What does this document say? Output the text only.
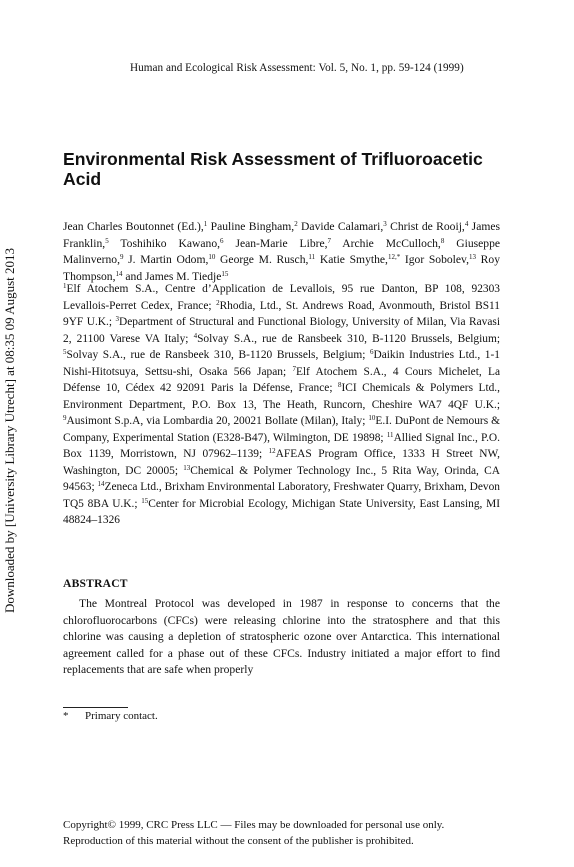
Downloaded by [University Library Utrecht] at 08:35 09 August 2013
Human and Ecological Risk Assessment: Vol. 5, No. 1, pp. 59-124 (1999)
Environmental Risk Assessment of Trifluoroacetic Acid

Jean Charles Boutonnet (Ed.),$^1$ Pauline Bingham,$^2$ Davide Calamari,$^3$ Christ de Rooij,$^4$ James Franklin,$^5$ Toshihiko Kawano,$^6$ Jean-Marie Libre,$^7$ Archie McCulloch,$^8$ Giuseppe Malinverno,$^9$ J. Martin Odom,$^{10}$ George M. Rusch,$^{11}$ Katie Smythe,$^{12,*}$ Igor Sobolev,$^{13}$ Roy Thompson,$^{14}$ and James M. Tiedje$^{15}$

$^1$Elf Atochem S.A., Centre d’Application de Levallois, 95 rue Danton, BP 108, 92303 Levallois-Perret Cedex, France; $^2$Rhodia, Ltd., St. Andrews Road, Avonmouth, Bristol BS11 9YF U.K.; $^3$Department of Structural and Functional Biology, University of Milan, Via Ravasi 2, 21100 Varese VA Italy; $^4$Solvay S.A., rue de Ransbeek 310, B-1120 Brussels, Belgium; $^5$Solvay S.A., rue de Ransbeek 310, B-1120 Brussels, Belgium; $^6$Daikin Industries Ltd., 1-1 Nishi-Hitotsuya, Settsu-shi, Osaka 566 Japan; $^7$Elf Atochem S.A., 4 Cours Michelet, La Défense 10, Cédex 42 92091 Paris la Défense, France; $^8$ICI Chemicals & Polymers Ltd., Environment Department, P.O. Box 13, The Heath, Runcorn, Cheshire WA7 4QF U.K.; $^9$Ausimont S.p.A, via Lombardia 20, 20021 Bollate (Milan), Italy; $^{10}$E.I. DuPont de Nemours & Company, Experimental Station (E328-B47), Wilmington, DE 19898; $^{11}$Allied Signal Inc., P.O. Box 1139, Morristown, NJ 07962–1139; $^{12}$AFEAS Program Office, 1333 H Street NW, Washington, DC 20005; $^{13}$Chemical & Polymer Technology Inc., 5 Rita Way, Orinda, CA 94563; $^{14}$Zeneca Ltd., Brixham Environmental Laboratory, Freshwater Quarry, Brixham, Devon TQ5 8BA U.K.; $^{15}$Center for Microbial Ecology, Michigan State University, East Lansing, MI 48824–1326

ABSTRACT

The Montreal Protocol was developed in 1987 in response to concerns that the chlorofluorocarbons (CFCs) were releasing chlorine into the stratosphere and that this chlorine was causing a depletion of stratospheric ozone over Antarctica. This international agreement called for a phase out of these CFCs. Industry initiated a major effort to find replacements that are safe when properly

* Primary contact.

Copyright© 1999, CRC Press LLC — Files may be downloaded for personal use only.
Reproduction of this material without the consent of the publisher is prohibited.
